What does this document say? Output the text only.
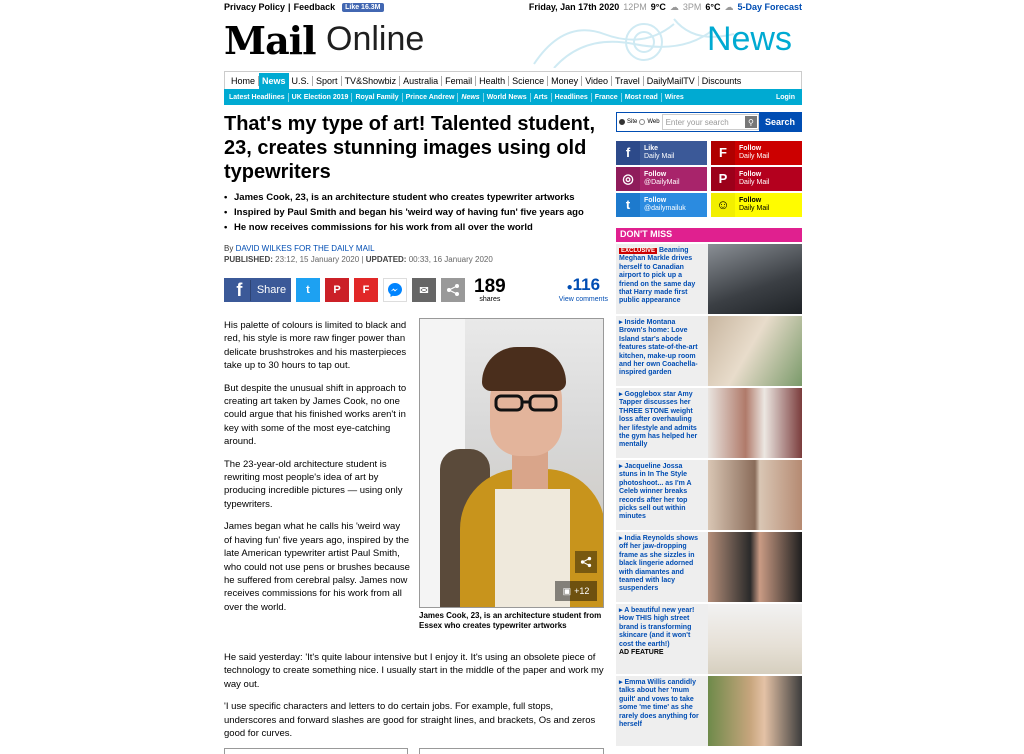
Privacy Policy | Feedback	Like 16.3M	Friday, Jan 17th 2020 12PM 9°C ☁ 3PM 6°C ☁ 5-Day Forecast
Mail Online	News
Home News U.S. Sport TV&Showbiz Australia Femail Health Science Money Video Travel DailyMailTV Discounts
Latest Headlines	UK Election 2019	Royal Family	Prince Andrew	News	World News	Arts	Headlines	France	Most read	Wires	Login
That's my type of art! Talented student, 23, creates stunning images using old typewriters
• James Cook, 23, is an architecture student who creates typewriter artworks
• Inspired by Paul Smith and began his 'weird way of having fun' five years ago
• He now receives commissions for his work from all over the world
By DAVID WILKES FOR THE DAILY MAIL
PUBLISHED: 23:12, 15 January 2020 | UPDATED: 00:33, 16 January 2020
f	Share t P F	✉ 189
shares
●116
View comments

His palette of colours is limited to black and red, his style is more raw finger power than delicate brushstrokes and his masterpieces take up to 30 hours to tap out.

But despite the unusual shift in approach to creating art taken by James Cook, no one could argue that his finished works aren't in key with some of the most eye-catching around.

The 23-year-old architecture student is rewriting most people's idea of art by producing incredible pictures — using only typewriters.

James began what he calls his 'weird way of having fun' five years ago, inspired by the late American typewriter artist Paul Smith, who could not use pens or brushes because he suffered from cerebral palsy. James now receives commissions for his work from all over the world.

▣ +12
James Cook, 23, is an architecture student from Essex who creates typewriter artworks

He said yesterday: 'It's quite labour intensive but I enjoy it. It's using an obsolete piece of technology to create something nice. I usually start in the middle of the paper and work my way out.

'I use specific characters and letters to do certain jobs. For example, full stops, underscores and forward slashes are good for straight lines, and brackets, Os and zeros good for curves.

Site Web Enter your search	⚲	Search
f	Like
Daily Mail	F	Follow
Daily Mail
◎	Follow
@DailyMail	P	Follow
Daily Mail
t	Follow
@dailymailuk	☺	Follow
Daily Mail
DON'T MISS
EXCLUSIVE Beaming Meghan Markle drives herself to Canadian airport to pick up a friend on the same day that Harry made first public appearance
▸ Inside Montana Brown's home: Love Island star's abode features state-of-the-art kitchen, make-up room and her own Coachella-inspired garden
▸ Gogglebox star Amy Tapper discusses her THREE STONE weight loss after overhauling her lifestyle and admits the gym has helped her mentally
▸ Jacqueline Jossa stuns in In The Style photoshoot... as I'm A Celeb winner breaks records after her top picks sell out within minutes
▸ India Reynolds shows off her jaw-dropping frame as she sizzles in black lingerie adorned with diamantes and teamed with lacy suspenders
▸ A beautiful new year! How THIS high street brand is transforming skincare (and it won't cost the earth!)
AD FEATURE
▸ Emma Willis candidly talks about her 'mum guilt' and vows to take some 'me time' as she rarely does anything for herself
